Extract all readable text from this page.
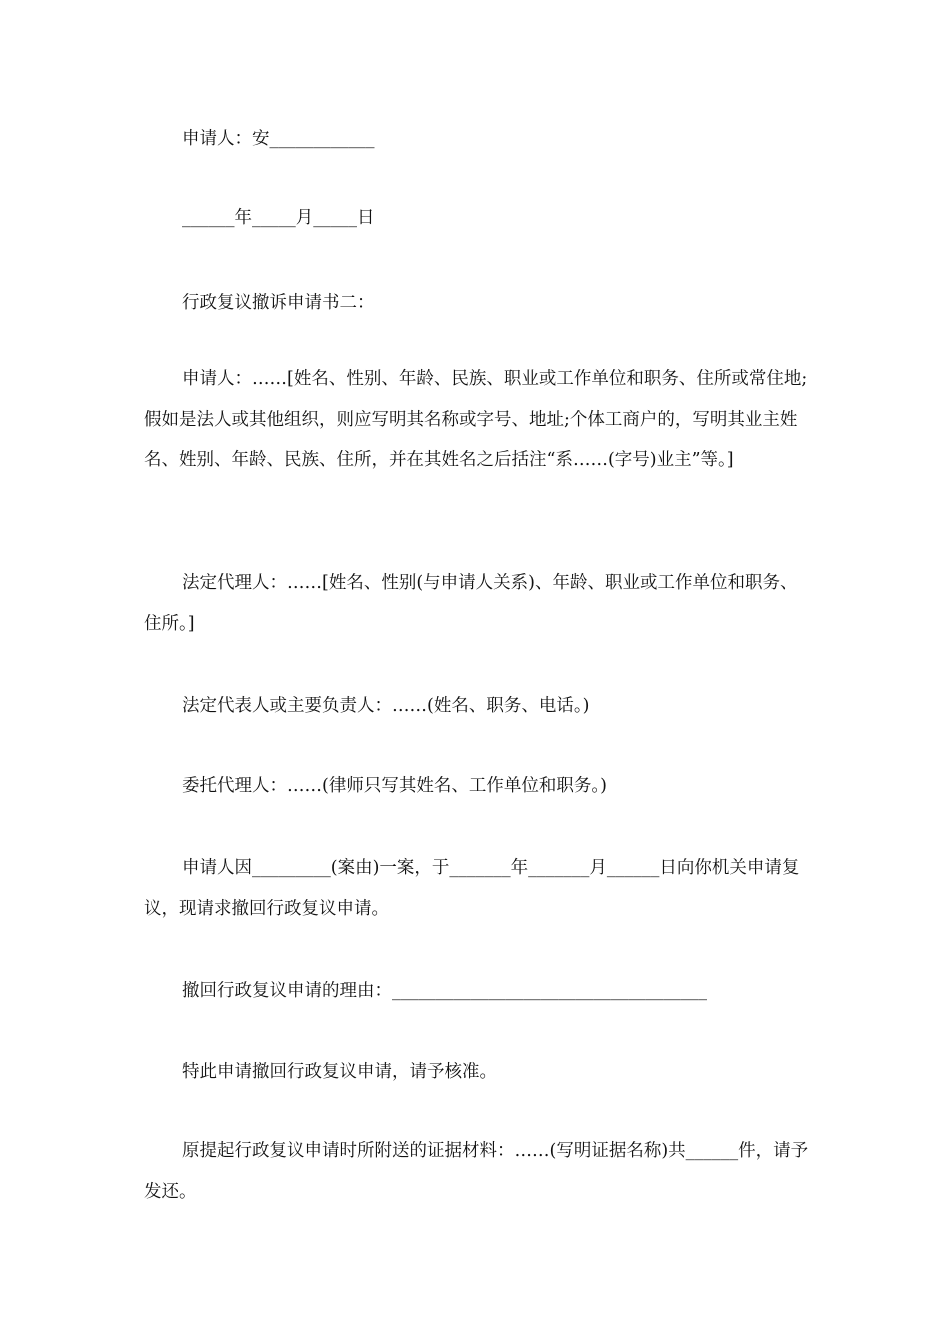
申请人：安____________

______年_____月_____日

行政复议撤诉申请书二：

申请人：……[姓名、性别、年龄、民族、职业或工作单位和职务、住所或常住地;假如是法人或其他组织，则应写明其名称或字号、地址;个体工商户的，写明其业主姓名、姓别、年龄、民族、住所，并在其姓名之后括注“系……(字号)业主”等。]

法定代理人：……[姓名、性别(与申请人关系)、年龄、职业或工作单位和职务、住所。]

法定代表人或主要负责人：……(姓名、职务、电话。)

委托代理人：……(律师只写其姓名、工作单位和职务。)

申请人因_________(案由)一案，于_______年_______月______日向你机关申请复议，现请求撤回行政复议申请。

撤回行政复议申请的理由：____________________________________

特此申请撤回行政复议申请，请予核准。

原提起行政复议申请时所附送的证据材料：……(写明证据名称)共______件，请予发还。
